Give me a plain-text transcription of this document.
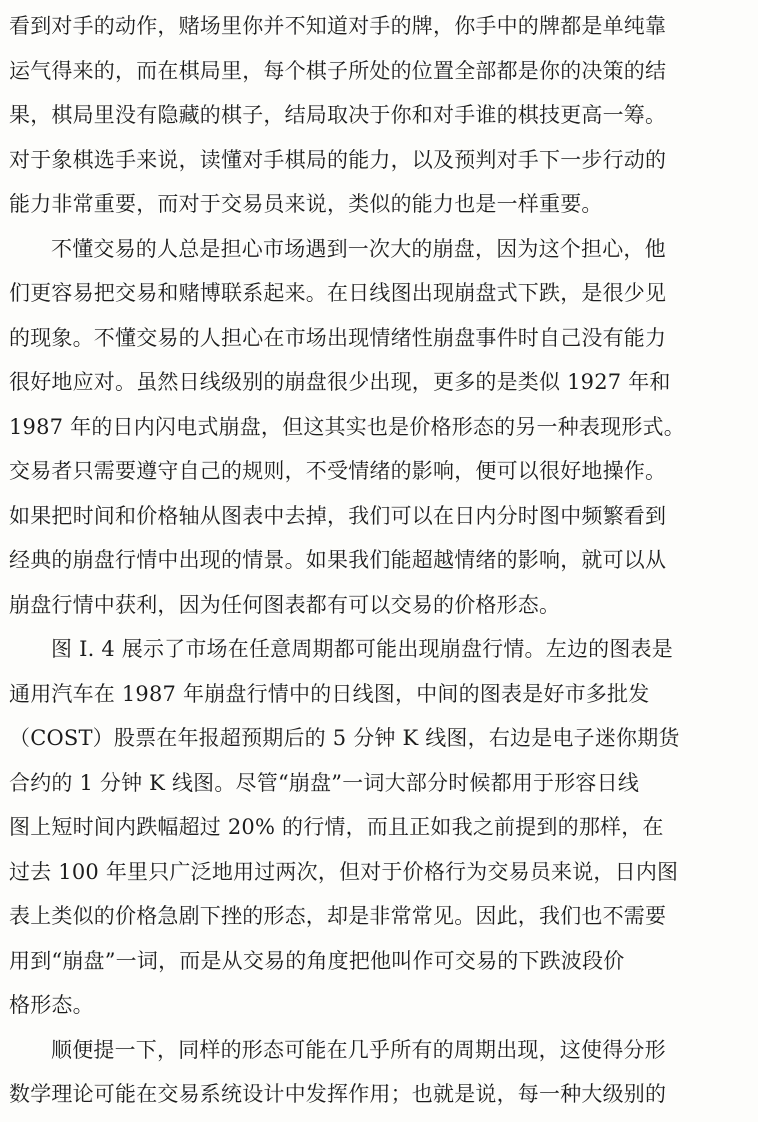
看到对手的动作，赌场里你并不知道对手的牌，你手中的牌都是单纯靠
运气得来的，而在棋局里，每个棋子所处的位置全部都是你的决策的结
果，棋局里没有隐藏的棋子，结局取决于你和对手谁的棋技更高一筹。
对于象棋选手来说，读懂对手棋局的能力，以及预判对手下一步行动的
能力非常重要，而对于交易员来说，类似的能力也是一样重要。
不懂交易的人总是担心市场遇到一次大的崩盘，因为这个担心，他
们更容易把交易和赌博联系起来。在日线图出现崩盘式下跌，是很少见
的现象。不懂交易的人担心在市场出现情绪性崩盘事件时自己没有能力
很好地应对。虽然日线级别的崩盘很少出现，更多的是类似 1927 年和
1987 年的日内闪电式崩盘，但这其实也是价格形态的另一种表现形式。
交易者只需要遵守自己的规则，不受情绪的影响，便可以很好地操作。
如果把时间和价格轴从图表中去掉，我们可以在日内分时图中频繁看到
经典的崩盘行情中出现的情景。如果我们能超越情绪的影响，就可以从
崩盘行情中获利，因为任何图表都有可以交易的价格形态。
图 I. 4 展示了市场在任意周期都可能出现崩盘行情。左边的图表是
通用汽车在 1987 年崩盘行情中的日线图，中间的图表是好市多批发
（COST）股票在年报超预期后的 5 分钟 K 线图，右边是电子迷你期货
合约的 1 分钟 K 线图。尽管“崩盘”一词大部分时候都用于形容日线
图上短时间内跌幅超过 20% 的行情，而且正如我之前提到的那样，在
过去 100 年里只广泛地用过两次，但对于价格行为交易员来说，日内图
表上类似的价格急剧下挫的形态，却是非常常见。因此，我们也不需要
用到“崩盘”一词，而是从交易的角度把他叫作可交易的下跌波段价
格形态。
顺便提一下，同样的形态可能在几乎所有的周期出现，这使得分形
数学理论可能在交易系统设计中发挥作用；也就是说，每一种大级别的
